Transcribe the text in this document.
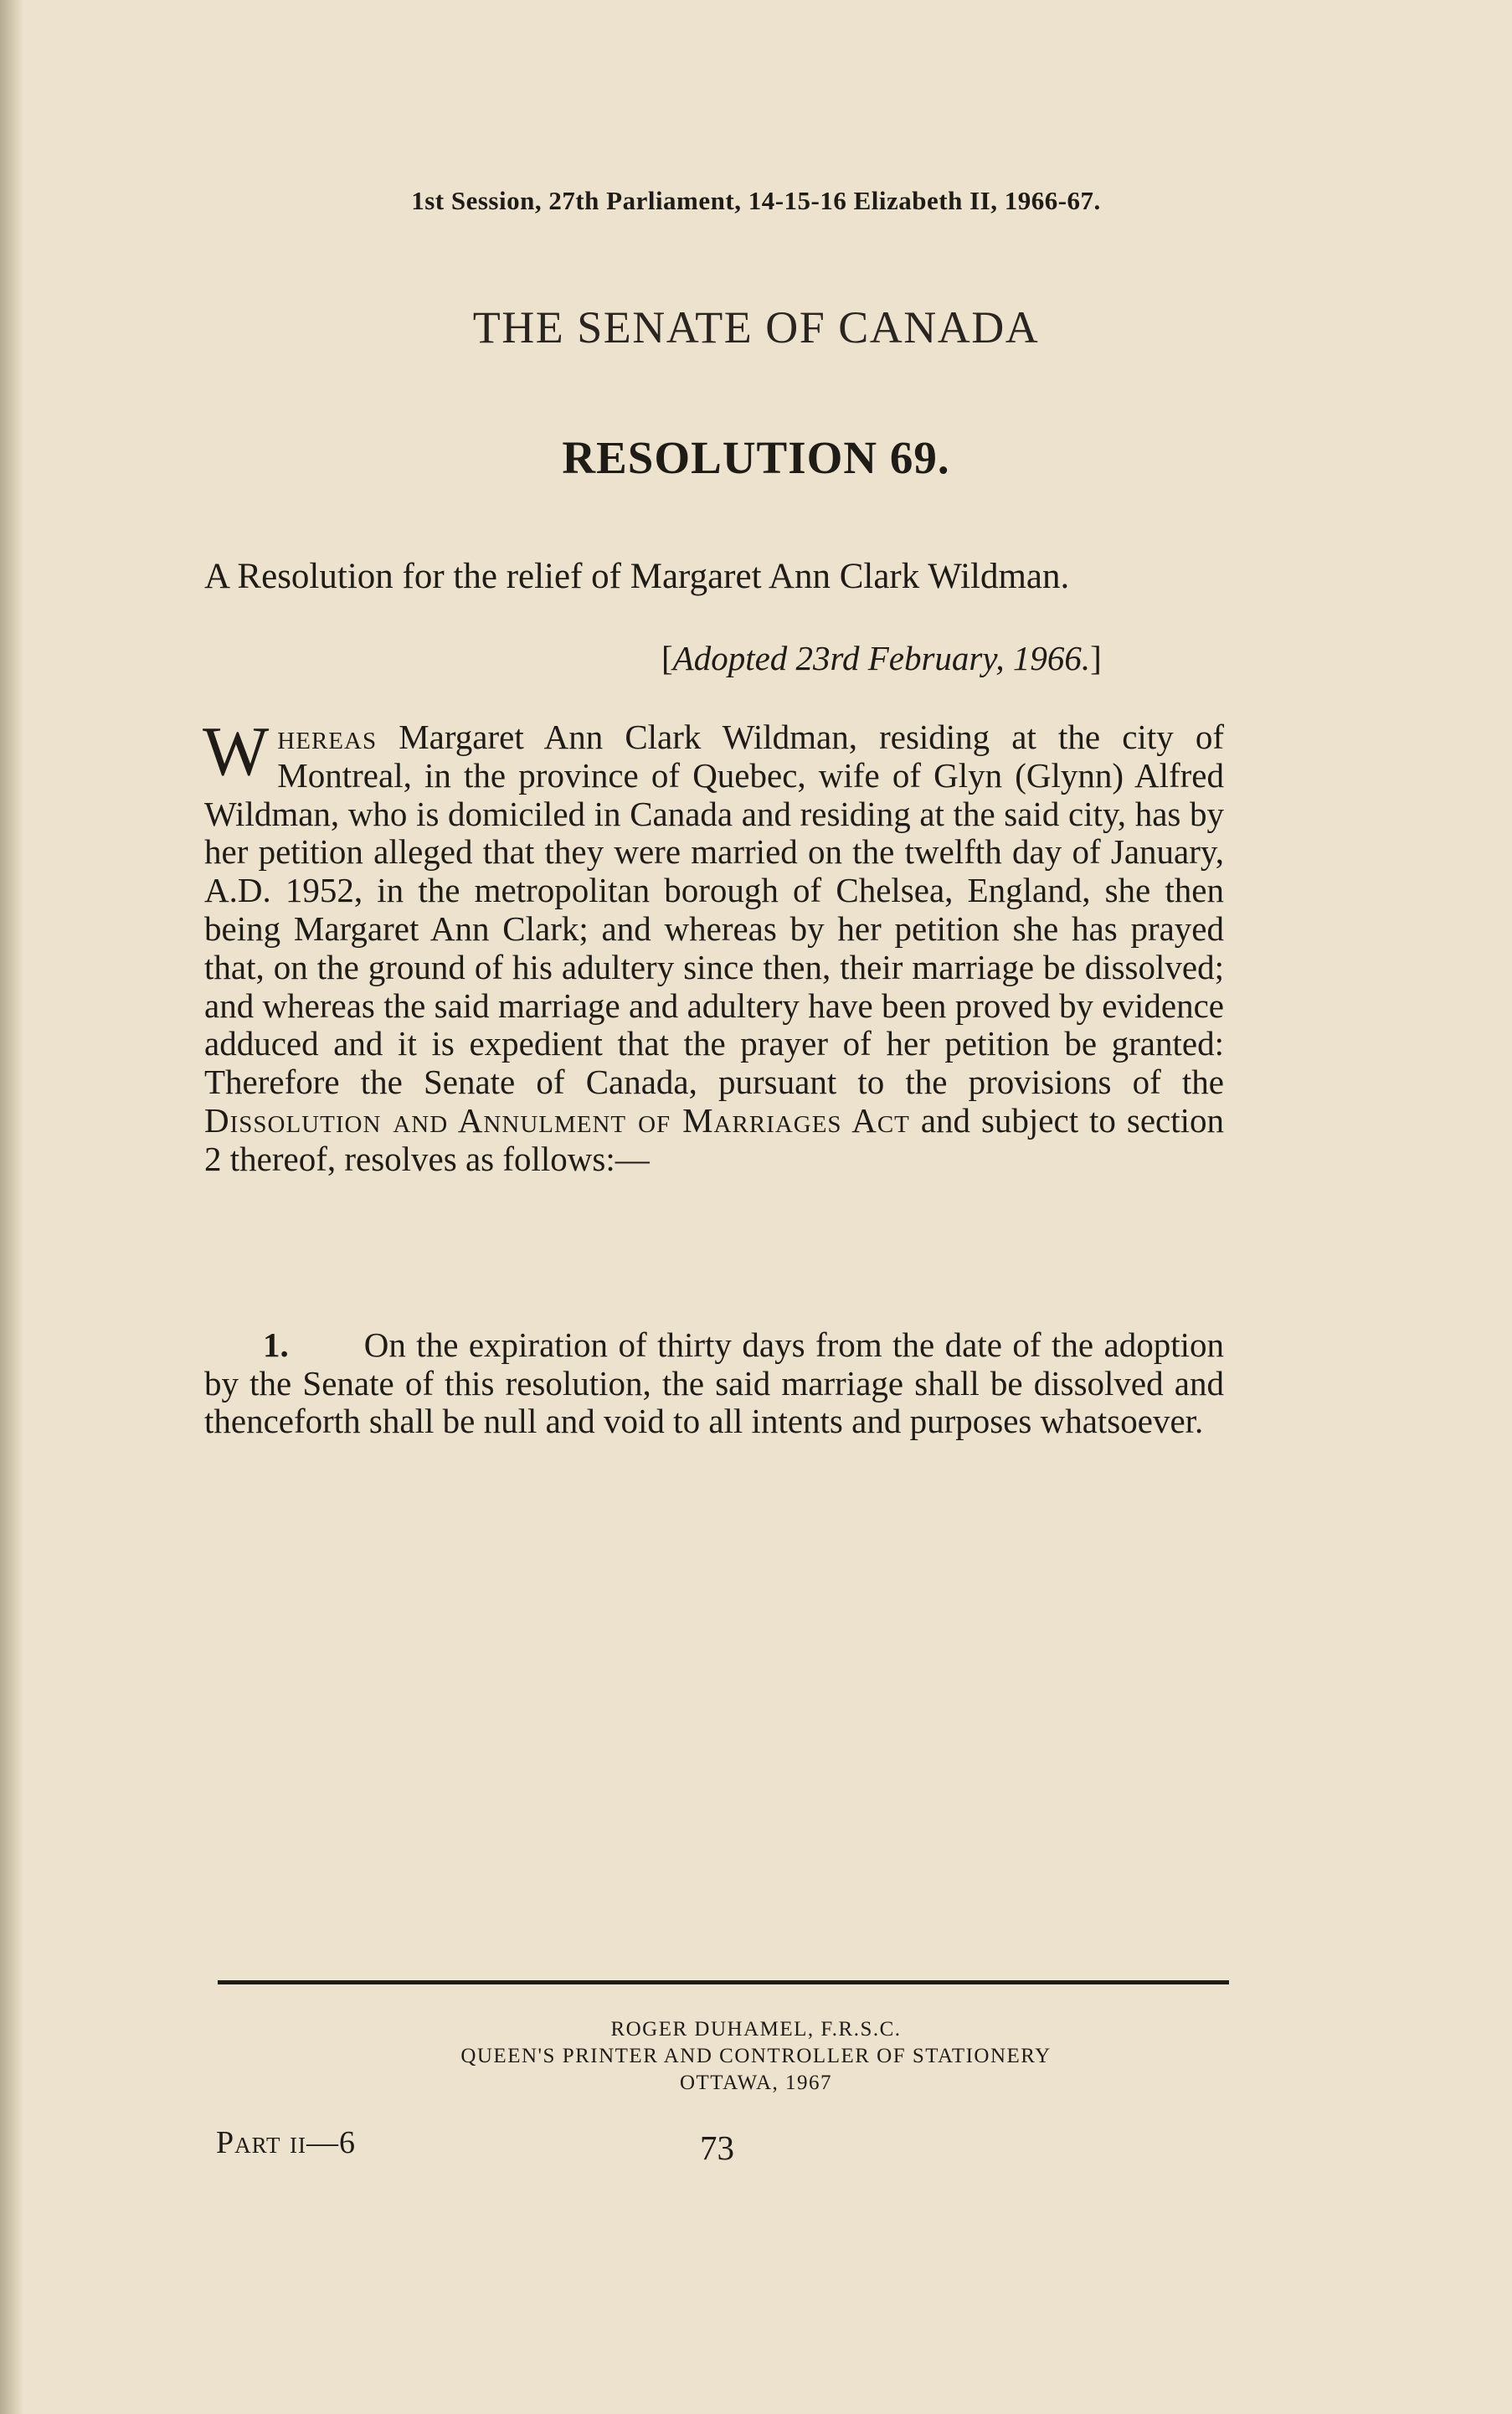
1st Session, 27th Parliament, 14-15-16 Elizabeth II, 1966-67.
THE SENATE OF CANADA
RESOLUTION 69.
A Resolution for the relief of Margaret Ann Clark Wildman.
[Adopted 23rd February, 1966.]

Whereas Margaret Ann Clark Wildman, residing at the city of Montreal, in the province of Quebec, wife of Glyn (Glynn) Alfred Wildman, who is domiciled in Canada and residing at the said city, has by her petition alleged that they were married on the twelfth day of January, A.D. 1952, in the metropolitan borough of Chelsea, England, she then being Margaret Ann Clark; and whereas by her petition she has prayed that, on the ground of his adultery since then, their marriage be dissolved; and whereas the said marriage and adultery have been proved by evidence adduced and it is expedient that the prayer of her petition be granted: Therefore the Senate of Canada, pursuant to the provisions of the Dissolution and Annulment of Marriages Act and subject to section 2 thereof, resolves as follows:—

1. On the expiration of thirty days from the date of the adoption by the Senate of this resolution, the said marriage shall be dissolved and thenceforth shall be null and void to all intents and purposes whatsoever.

ROGER DUHAMEL, F.R.S.C.
QUEEN'S PRINTER AND CONTROLLER OF STATIONERY
OTTAWA, 1967
Part ii—6	73
